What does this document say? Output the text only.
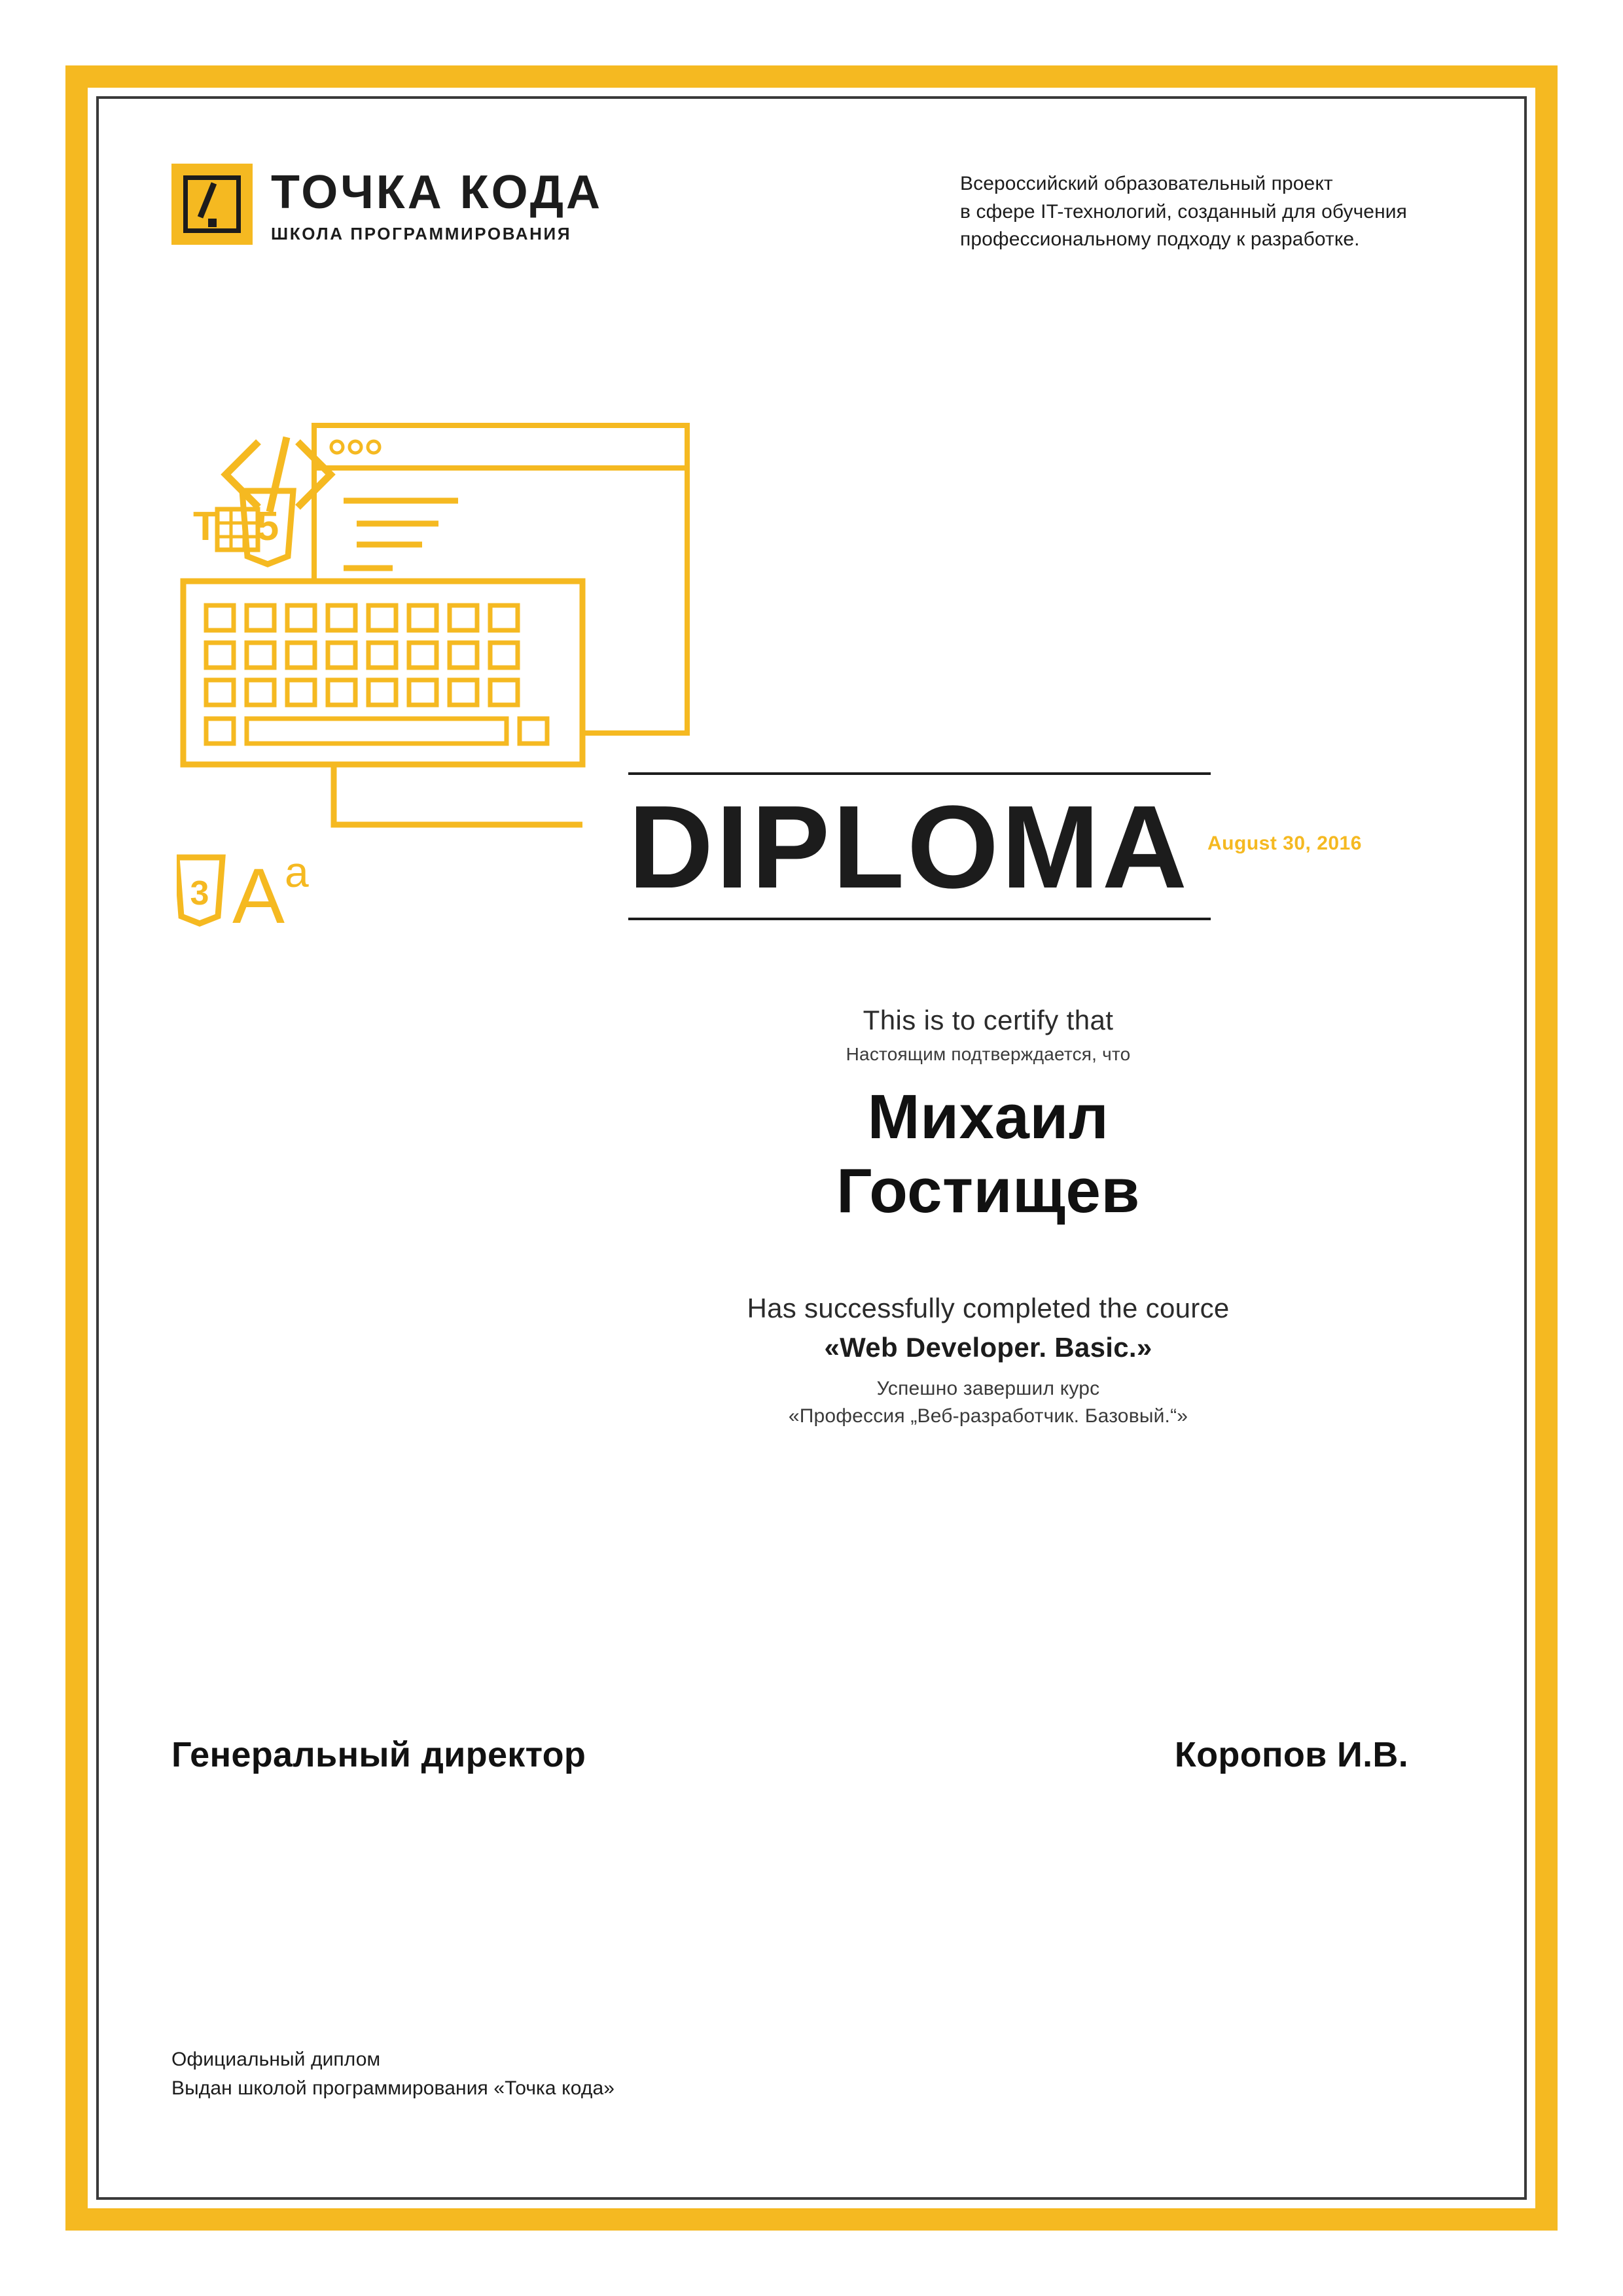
ТОЧКА КОДА
ШКОЛА ПРОГРАММИРОВАНИЯ
Всероссийский образовательный проект
в сфере IT-технологий, созданный для обучения
профессиональному подходу к разработке.
5
T
3 A a	DIPLOMA August 30, 2016
This is to certify that
Настоящим подтверждается, что
Михаил
Гостищев
Has successfully completed the cource
«Web Developer. Basic.»
Успешно завершил курс
«Профессия „Веб-разработчик. Базовый.“»
Генеральный директор	Коропов И.В.
Официальный диплом
Выдан школой программирования «Точка кода»
